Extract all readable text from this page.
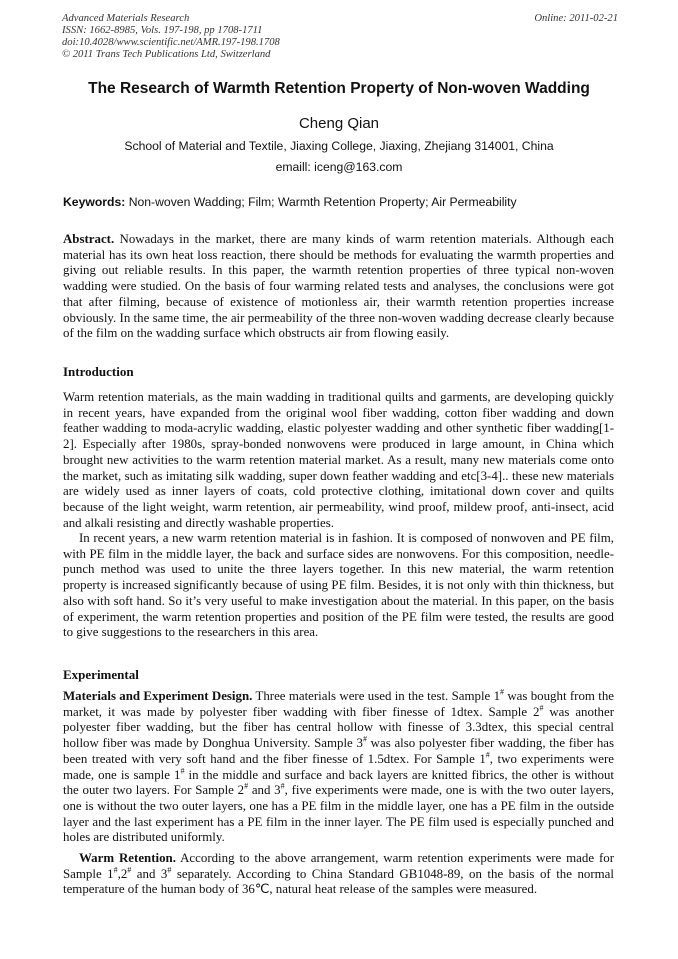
Advanced Materials Research
ISSN: 1662-8985, Vols. 197-198, pp 1708-1711
doi:10.4028/www.scientific.net/AMR.197-198.1708
© 2011 Trans Tech Publications Ltd, Switzerland
Online: 2011-02-21
The Research of Warmth Retention Property of Non-woven Wadding
Cheng Qian
School of Material and Textile, Jiaxing College, Jiaxing, Zhejiang 314001, China
emaill: iceng@163.com
Keywords: Non-woven Wadding; Film; Warmth Retention Property; Air Permeability
Abstract. Nowadays in the market, there are many kinds of warm retention materials. Although each material has its own heat loss reaction, there should be methods for evaluating the warmth properties and giving out reliable results. In this paper, the warmth retention properties of three typical non-woven wadding were studied. On the basis of four warming related tests and analyses, the conclusions were got that after filming, because of existence of motionless air, their warmth retention properties increase obviously. In the same time, the air permeability of the three non-woven wadding decrease clearly because of the film on the wadding surface which obstructs air from flowing easily.
Introduction
Warm retention materials, as the main wadding in traditional quilts and garments, are developing quickly in recent years, have expanded from the original wool fiber wadding, cotton fiber wadding and down feather wadding to moda-acrylic wadding, elastic polyester wadding and other synthetic fiber wadding[1-2]. Especially after 1980s, spray-bonded nonwovens were produced in large amount, in China which brought new activities to the warm retention material market. As a result, many new materials come onto the market, such as imitating silk wadding, super down feather wadding and etc[3-4].. these new materials are widely used as inner layers of coats, cold protective clothing, imitational down cover and quilts because of the light weight, warm retention, air permeability, wind proof, mildew proof, anti-insect, acid and alkali resisting and directly washable properties.
In recent years, a new warm retention material is in fashion. It is composed of nonwoven and PE film, with PE film in the middle layer, the back and surface sides are nonwovens. For this composition, needle-punch method was used to unite the three layers together. In this new material, the warm retention property is increased significantly because of using PE film. Besides, it is not only with thin thickness, but also with soft hand. So it’s very useful to make investigation about the material. In this paper, on the basis of experiment, the warm retention properties and position of the PE film were tested, the results are good to give suggestions to the researchers in this area.
Experimental
Materials and Experiment Design. Three materials were used in the test. Sample 1# was bought from the market, it was made by polyester fiber wadding with fiber finesse of 1dtex. Sample 2# was another polyester fiber wadding, but the fiber has central hollow with finesse of 3.3dtex, this special central hollow fiber was made by Donghua University. Sample 3# was also polyester fiber wadding, the fiber has been treated with very soft hand and the fiber finesse of 1.5dtex. For Sample 1#, two experiments were made, one is sample 1# in the middle and surface and back layers are knitted fibrics, the other is without the outer two layers. For Sample 2# and 3#, five experiments were made, one is with the two outer layers, one is without the two outer layers, one has a PE film in the middle layer, one has a PE film in the outside layer and the last experiment has a PE film in the inner layer. The PE film used is especially punched and holes are distributed uniformly.
Warm Retention. According to the above arrangement, warm retention experiments were made for Sample 1#,2# and 3# separately. According to China Standard GB1048-89, on the basis of the normal temperature of the human body of 36℃, natural heat release of the samples were measured.
